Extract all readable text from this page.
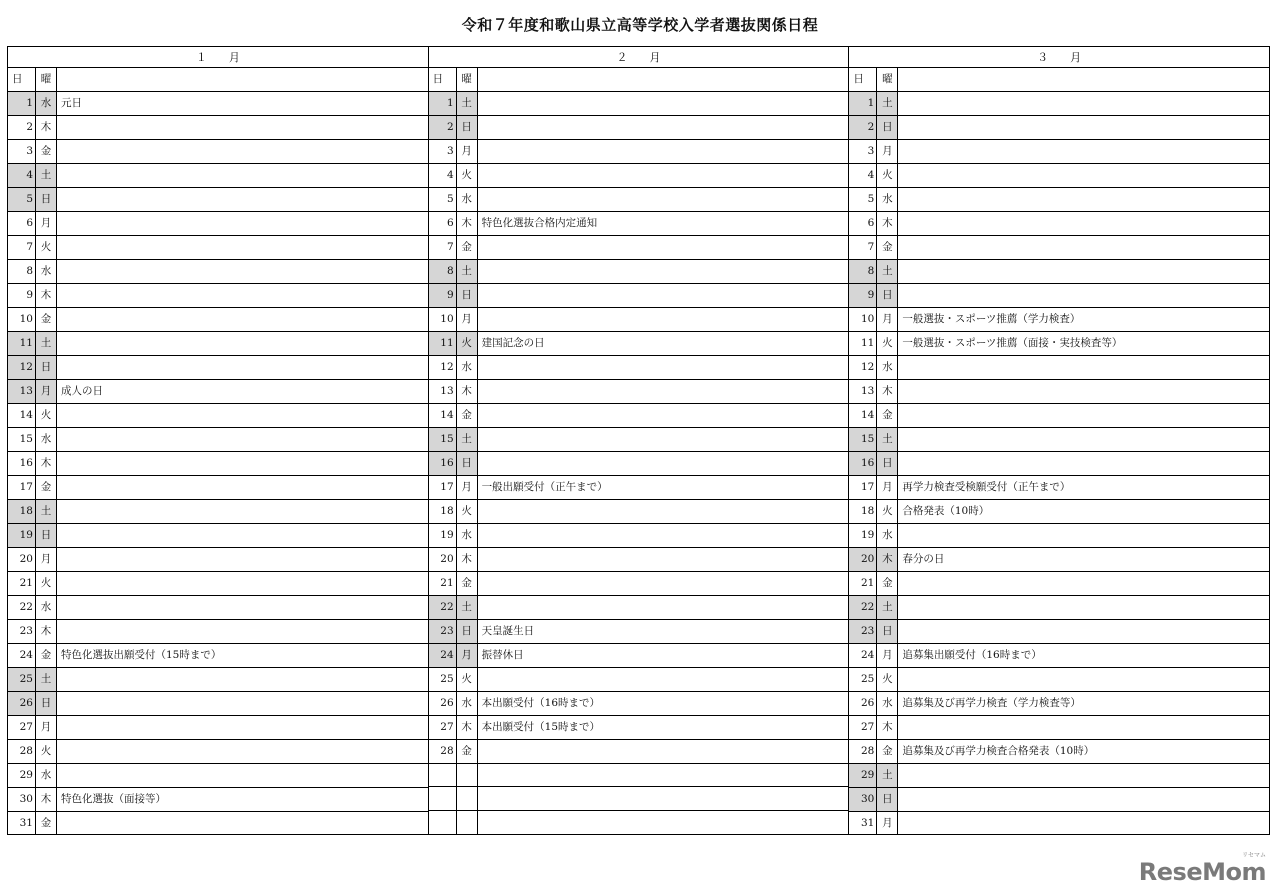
令和７年度和歌山県立高等学校入学者選抜関係日程
１　　月
日	曜
1 水 元日
2 木
3 金
4 土
5 日
6 月
7 火
8 水
9 木
10 金
11 土
12 日
13 月 成人の日
14 火
15 水
16 木
17 金
18 土
19 日
20 月
21 火
22 水
23 木
24 金 特色化選抜出願受付（15時まで）
25 土
26 日
27 月
28 火
29 水
30 木 特色化選抜（面接等）
31 金
２　　月
日	曜
1 土
2 日
3 月
4 火
5 水
6 木 特色化選抜合格内定通知
7 金
8 土
9 日
10 月
11 火 建国記念の日
12 水
13 木
14 金
15 土
16 日
17 月 一般出願受付（正午まで）
18 火
19 水
20 木
21 金
22 土
23 日 天皇誕生日
24 月 振替休日
25 火
26 水 本出願受付（16時まで）
27 木 本出願受付（15時まで）
28 金
３　　月
日	曜
1 土
2 日
3 月
4 火
5 水
6 木
7 金
8 土
9 日
10 月 一般選抜・スポーツ推薦（学力検査）
11 火 一般選抜・スポーツ推薦（面接・実技検査等）
12 水
13 木
14 金
15 土
16 日
17 月 再学力検査受検願受付（正午まで）
18 火 合格発表（10時）
19 水
20 木 春分の日
21 金
22 土
23 日
24 月 追募集出願受付（16時まで）
25 火
26 水 追募集及び再学力検査（学力検査等）
27 木
28 金 追募集及び再学力検査合格発表（10時）
29 土
30 日
31 月
ReseMom
リセマム
